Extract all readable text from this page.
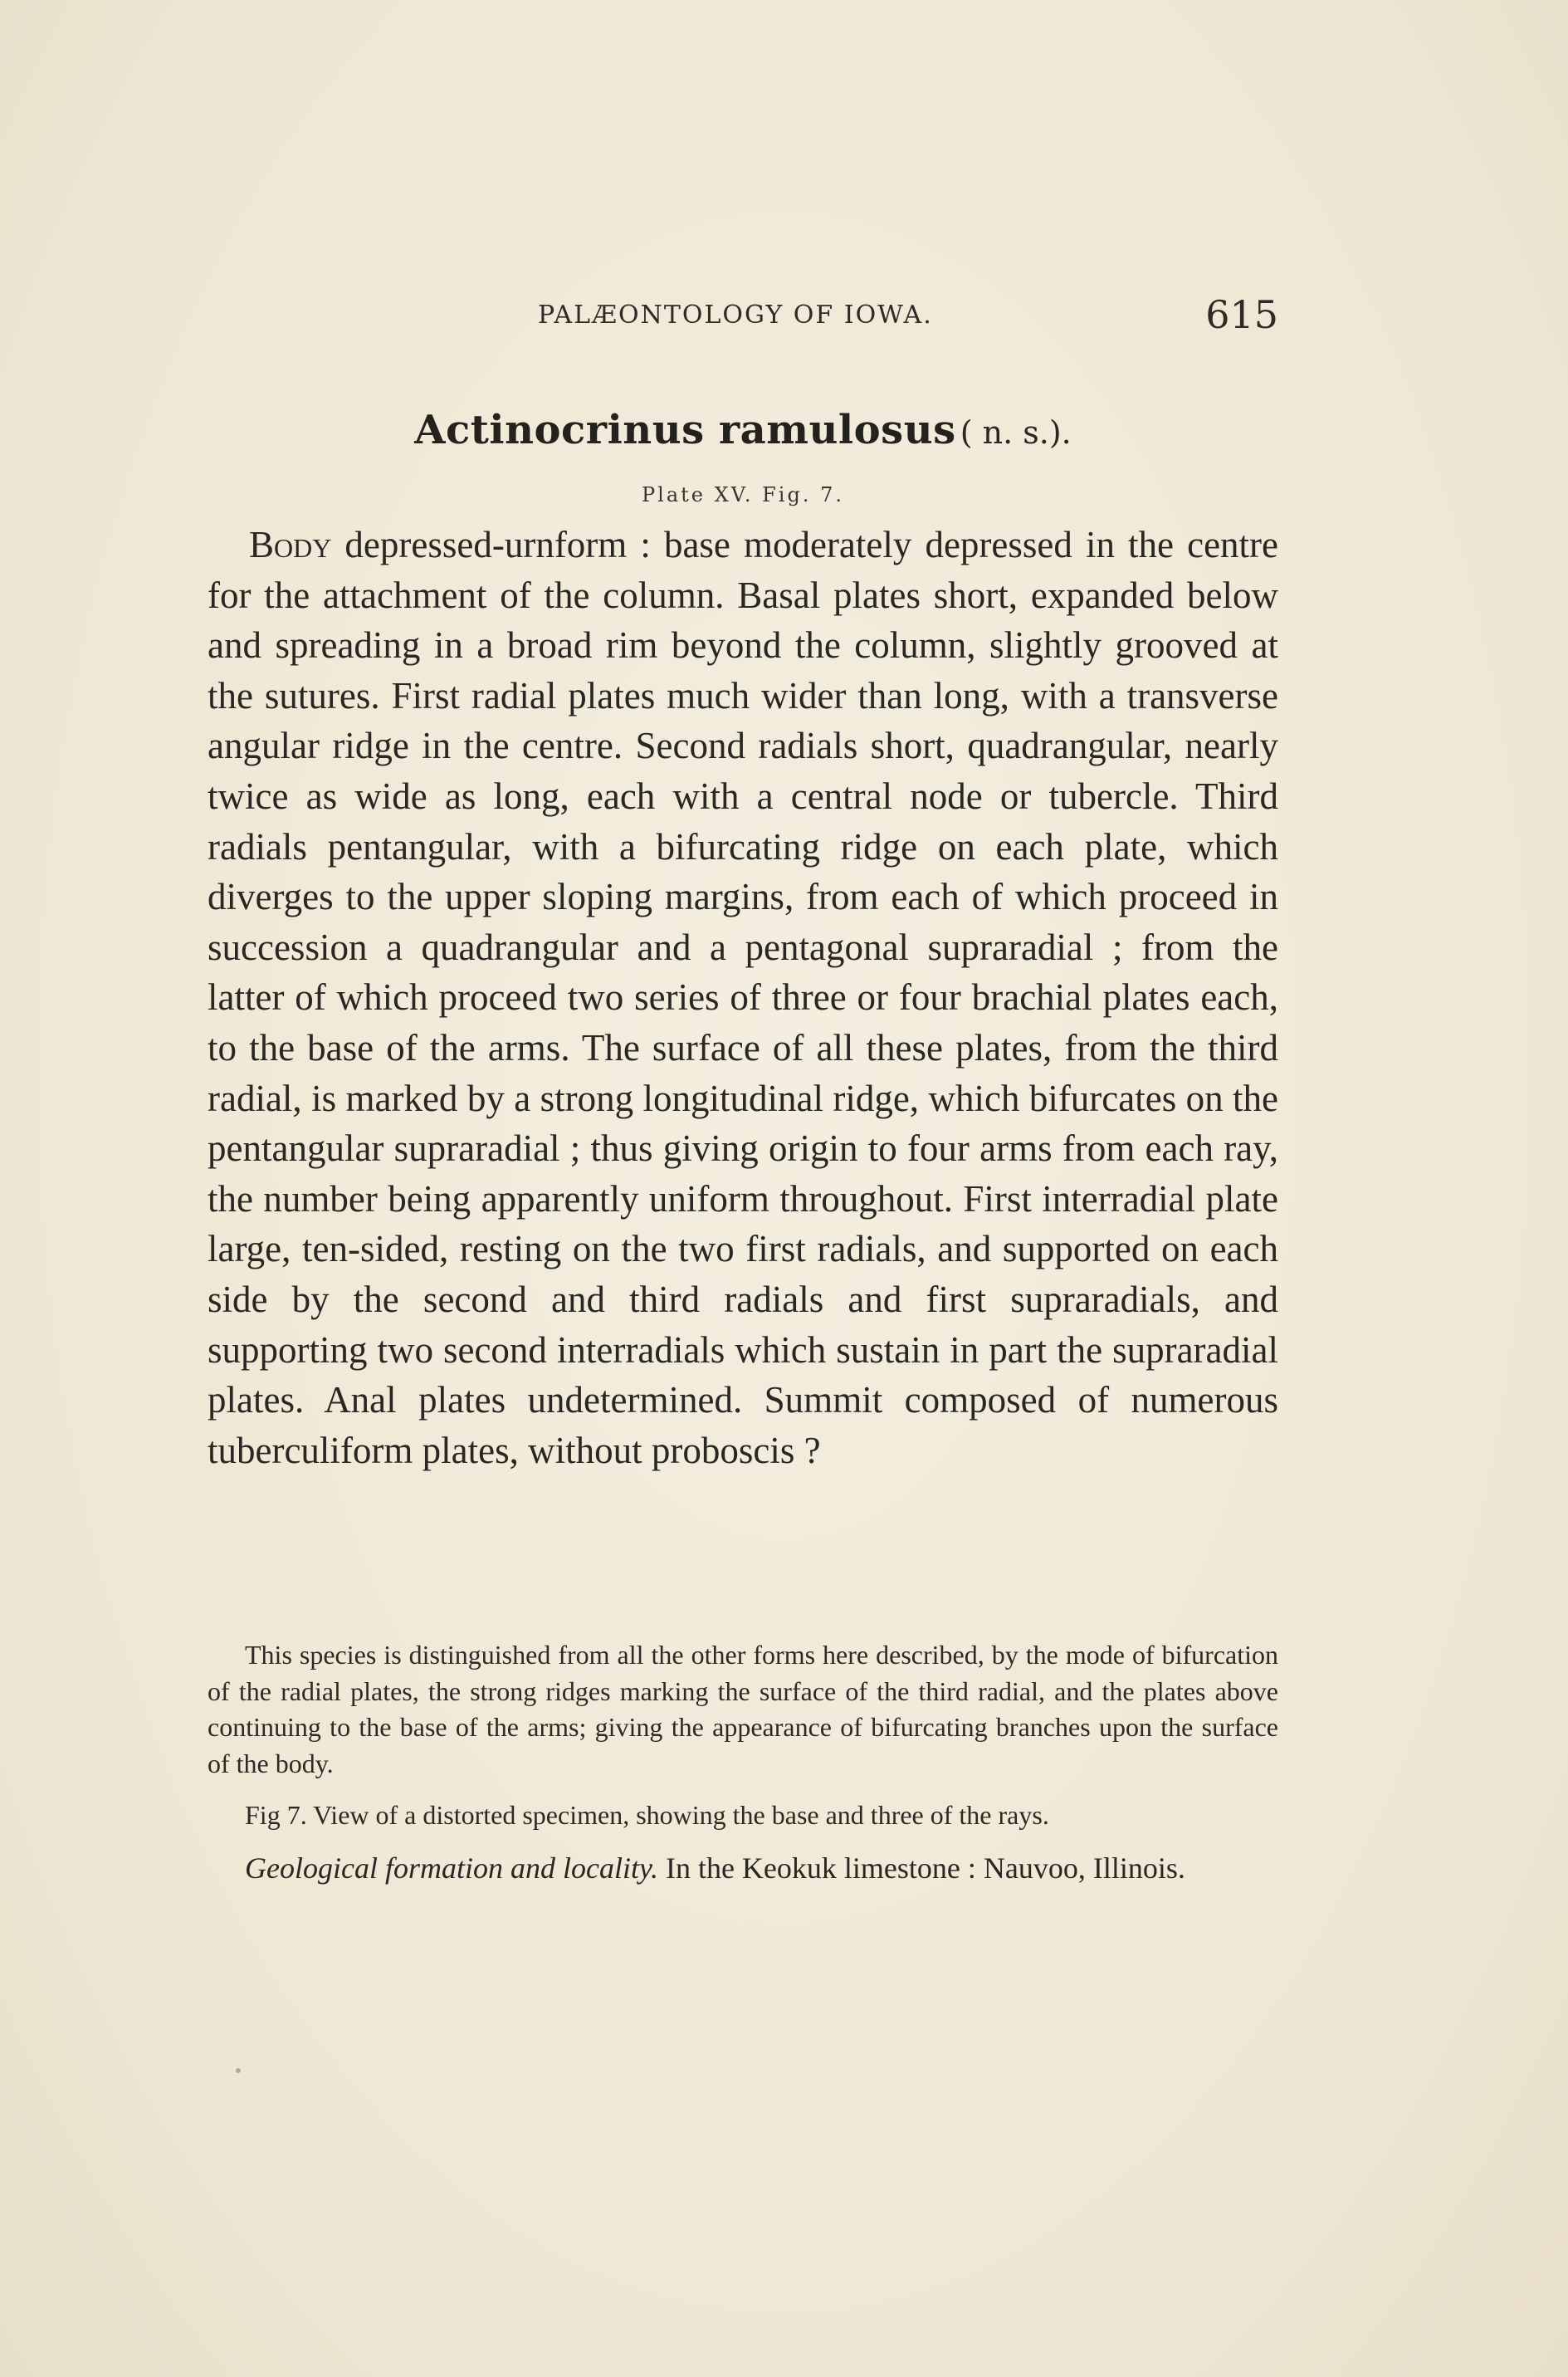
PALÆONTOLOGY OF IOWA.	615
Actinocrinus ramulosus ( n. s.).
Plate XV. Fig. 7.

Body depressed-urnform : base moderately depressed in the centre for the attachment of the column. Basal plates short, expanded below and spreading in a broad rim beyond the column, slightly grooved at the sutures. First radial plates much wider than long, with a transverse angular ridge in the centre. Second radials short, quadrangular, nearly twice as wide as long, each with a central node or tubercle. Third radials pentangular, with a bifurcating ridge on each plate, which diverges to the upper sloping margins, from each of which proceed in succession a quadrangular and a pentagonal supraradial ; from the latter of which proceed two series of three or four brachial plates each, to the base of the arms. The surface of all these plates, from the third radial, is marked by a strong longitudinal ridge, which bifurcates on the pentangular supraradial ; thus giving origin to four arms from each ray, the number being apparently uniform throughout. First interradial plate large, ten-sided, resting on the two first radials, and supported on each side by the second and third radials and first supraradials, and supporting two second interradials which sustain in part the supraradial plates. Anal plates undetermined. Summit composed of numerous tuberculiform plates, without proboscis ?

This species is distinguished from all the other forms here described, by the mode of bifurcation of the radial plates, the strong ridges marking the surface of the third radial, and the plates above continuing to the base of the arms; giving the appearance of bifurcating branches upon the surface of the body.

Fig 7. View of a distorted specimen, showing the base and three of the rays.

Geological formation and locality. In the Keokuk limestone : Nauvoo, Illinois.
